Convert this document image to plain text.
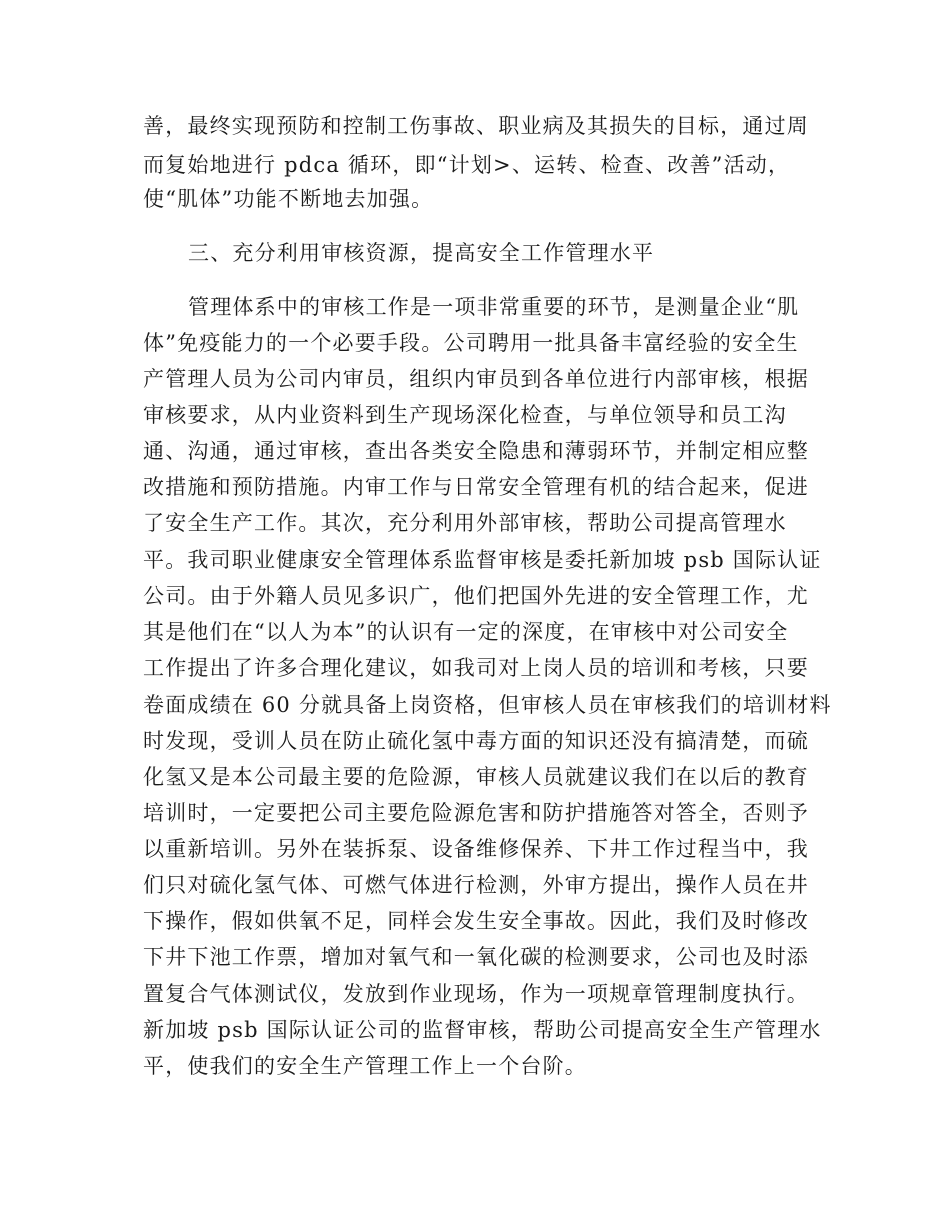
善，最终实现预防和控制工伤事故、职业病及其损失的目标，通过周
而复始地进行 pdca 循环，即“计划>、运转、检查、改善”活动，
使“肌体”功能不断地去加强。
三、充分利用审核资源，提高安全工作管理水平
管理体系中的审核工作是一项非常重要的环节，是测量企业“肌
体”免疫能力的一个必要手段。公司聘用一批具备丰富经验的安全生
产管理人员为公司内审员，组织内审员到各单位进行内部审核，根据
审核要求，从内业资料到生产现场深化检查，与单位领导和员工沟
通、沟通，通过审核，查出各类安全隐患和薄弱环节，并制定相应整
改措施和预防措施。内审工作与日常安全管理有机的结合起来，促进
了安全生产工作。其次，充分利用外部审核，帮助公司提高管理水
平。我司职业健康安全管理体系监督审核是委托新加坡 psb 国际认证
公司。由于外籍人员见多识广，他们把国外先进的安全管理工作，尤
其是他们在“以人为本”的认识有一定的深度，在审核中对公司安全
工作提出了许多合理化建议，如我司对上岗人员的培训和考核，只要
卷面成绩在 60 分就具备上岗资格，但审核人员在审核我们的培训材料
时发现，受训人员在防止硫化氢中毒方面的知识还没有搞清楚，而硫
化氢又是本公司最主要的危险源，审核人员就建议我们在以后的教育
培训时，一定要把公司主要危险源危害和防护措施答对答全，否则予
以重新培训。另外在装拆泵、设备维修保养、下井工作过程当中，我
们只对硫化氢气体、可燃气体进行检测，外审方提出，操作人员在井
下操作，假如供氧不足，同样会发生安全事故。因此，我们及时修改
下井下池工作票，增加对氧气和一氧化碳的检测要求，公司也及时添
置复合气体测试仪，发放到作业现场，作为一项规章管理制度执行。
新加坡 psb 国际认证公司的监督审核，帮助公司提高安全生产管理水
平，使我们的安全生产管理工作上一个台阶。
